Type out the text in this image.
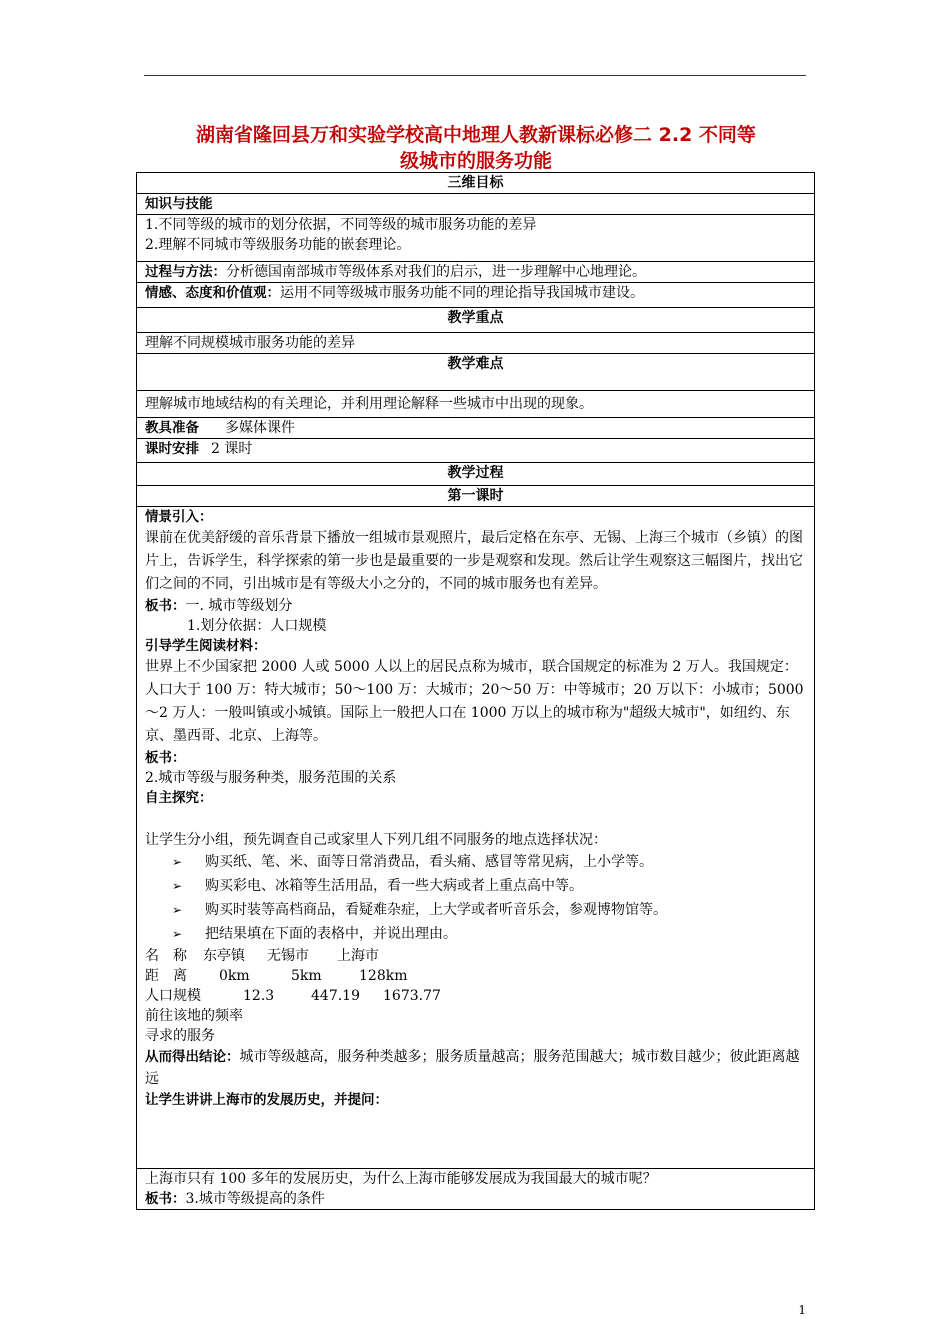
湖南省隆回县万和实验学校高中地理人教新课标必修二 2.2 不同等
级城市的服务功能
三维目标

知识与技能

1.不同等级的城市的划分依据，不同等级的城市服务功能的差异
2.理解不同城市等级服务功能的嵌套理论。

过程与方法：分析德国南部城市等级体系对我们的启示，进一步理解中心地理论。
情感、态度和价值观：运用不同等级城市服务功能不同的理论指导我国城市建设。

教学重点
理解不同规模城市服务功能的差异
教学难点
理解城市地域结构的有关理论，并利用理论解释一些城市中出现的现象。
教具准备 多媒体课件
课时安排 2 课时

教学过程
第一课时

情景引入：
课前在优美舒缓的音乐背景下播放一组城市景观照片，最后定格在东亭、无锡、上海三个城市（乡镇）的图片上，告诉学生，科学探索的第一步也是最重要的一步是观察和发现。然后让学生观察这三幅图片，找出它们之间的不同，引出城市是有等级大小之分的，不同的城市服务也有差异。
板书：一. 城市等级划分
1.划分依据：人口规模
引导学生阅读材料：
世界上不少国家把 2000 人或 5000 人以上的居民点称为城市，联合国规定的标准为 2 万人。我国规定：人口大于 100 万：特大城市；50～100 万：大城市；20～50 万：中等城市；20 万以下：小城市；5000～2 万人：一般叫镇或小城镇。国际上一般把人口在 1000 万以上的城市称为"超级大城市"，如纽约、东京、墨西哥、北京、上海等。
板书：
2.城市等级与服务种类，服务范围的关系
自主探究：
让学生分小组，预先调查自己或家里人下列几组不同服务的地点选择状况：
➢ 购买纸、笔、米、面等日常消费品，看头痛、感冒等常见病，上小学等。
➢ 购买彩电、冰箱等生活用品，看一些大病或者上重点高中等。
➢ 购买时装等高档商品，看疑难杂症，上大学或者听音乐会，参观博物馆等。
➢ 把结果填在下面的表格中，并说出理由。
名　称	东亭镇	无锡市	上海市
距　离	0km	5km	128km
人口规模	12.3	447.19	1673.77
前往该地的频率
寻求的服务
从而得出结论：城市等级越高，服务种类越多；服务质量越高；服务范围越大；城市数目越少；彼此距离越远
让学生讲讲上海市的发展历史，并提问：

上海市只有 100 多年的发展历史，为什么上海市能够发展成为我国最大的城市呢？
板书：3.城市等级提高的条件
1
